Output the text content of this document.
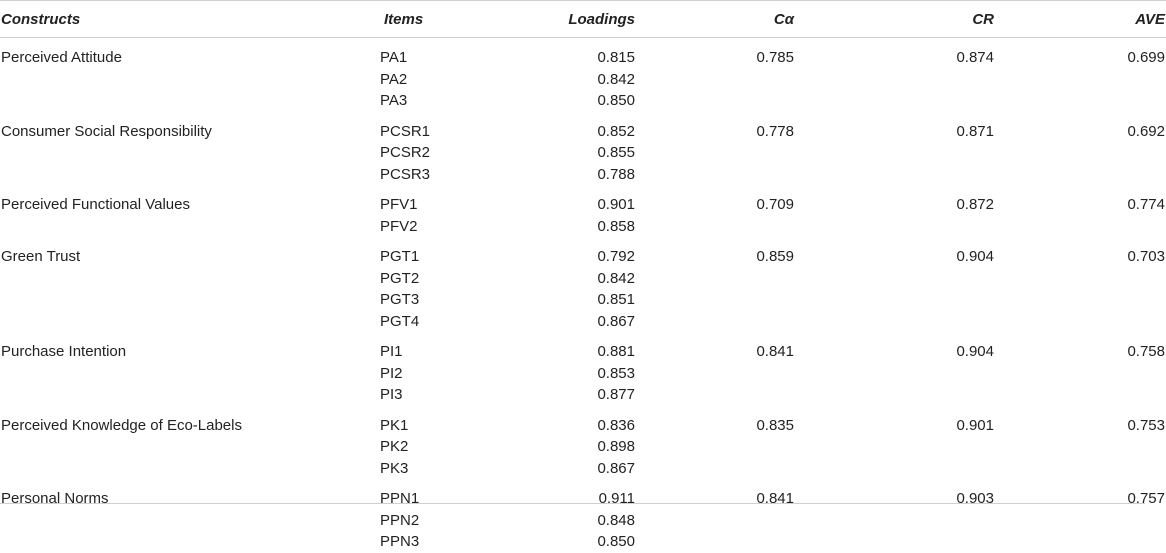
Constructs	Items	Loadings	Cα	CR	AVE
Perceived Attitude	PA1	0.815	0.785	0.874	0.699
	PA2	0.842			
	PA3	0.850			
Consumer Social Responsibility	PCSR1	0.852	0.778	0.871	0.692
	PCSR2	0.855			
	PCSR3	0.788			
Perceived Functional Values	PFV1	0.901	0.709	0.872	0.774
	PFV2	0.858			
Green Trust	PGT1	0.792	0.859	0.904	0.703
	PGT2	0.842			
	PGT3	0.851			
	PGT4	0.867			
Purchase Intention	PI1	0.881	0.841	0.904	0.758
	PI2	0.853			
	PI3	0.877			
Perceived Knowledge of Eco-Labels	PK1	0.836	0.835	0.901	0.753
	PK2	0.898			
	PK3	0.867			
Personal Norms	PPN1	0.911	0.841	0.903	0.757
	PPN2	0.848			
	PPN3	0.850			
